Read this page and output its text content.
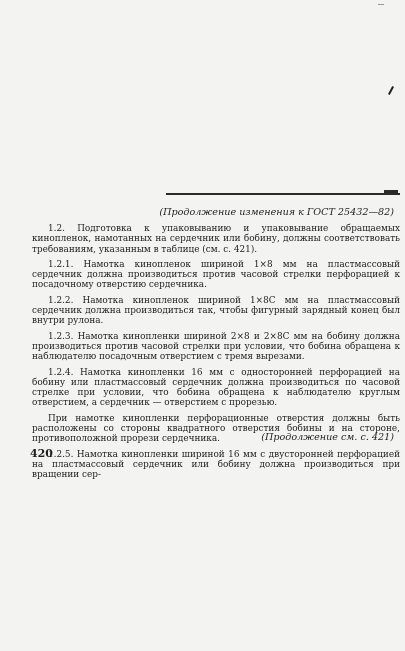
(Продолжение изменения к ГОСТ 25432—82)

1.2. Подготовка к упаковыванию и упаковывание обращаемых кинопленок, намотанных на сердечник или бобину, должны соответствовать требованиям, указанным в таблице (см. с. 421).

1.2.1. Намотка кинопленок шириной 1×8 мм на пластмассовый сердечник должна производиться против часовой стрелки перфорацией к посадочному отверстию сердечника.

1.2.2. Намотка кинопленок шириной 1×8С мм на пластмассовый сердечник должна производиться так, чтобы фигурный зарядный конец был внутри рулона.

1.2.3. Намотка кинопленки шириной 2×8 и 2×8С мм на бобину должна производиться против часовой стрелки при условии, что бобина обращена к наблюдателю посадочным отверстием с тремя вырезами.

1.2.4. Намотка кинопленки 16 мм с односторонней перфорацией на бобину или пластмассовый сердечник должна производиться по часовой стрелке при условии, что бобина обращена к наблюдателю круглым отверстием, а сердечник — отверстием с прорезью.

При намотке кинопленки перфорационные отверстия должны быть расположены со стороны квадратного отверстия бобины и на стороне, противоположной прорези сердечника.

1.2.5. Намотка кинопленки шириной 16 мм с двусторонней перфорацией на пластмассовый сердечник или бобину должна производиться при вращении сер-

(Продолжение см. с. 421)
420
